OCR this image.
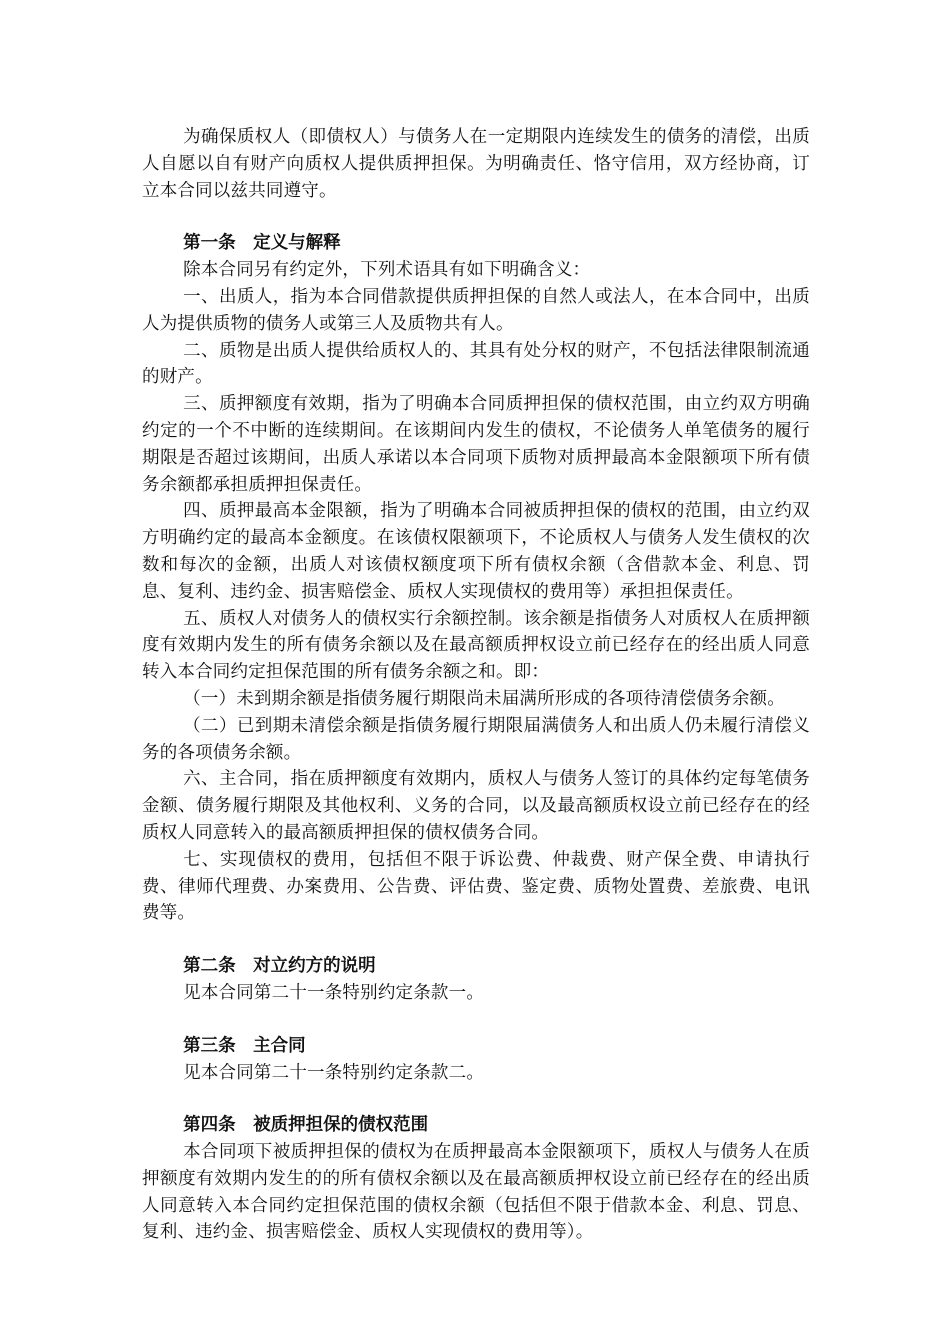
为确保质权人（即债权人）与债务人在一定期限内连续发生的债务的清偿，出质人自愿以自有财产向质权人提供质押担保。为明确责任、恪守信用，双方经协商，订立本合同以兹共同遵守。

第一条 定义与解释

除本合同另有约定外，下列术语具有如下明确含义：

一、出质人，指为本合同借款提供质押担保的自然人或法人，在本合同中，出质人为提供质物的债务人或第三人及质物共有人。

二、质物是出质人提供给质权人的、其具有处分权的财产，不包括法律限制流通的财产。

三、质押额度有效期，指为了明确本合同质押担保的债权范围，由立约双方明确约定的一个不中断的连续期间。在该期间内发生的债权，不论债务人单笔债务的履行期限是否超过该期间，出质人承诺以本合同项下质物对质押最高本金限额项下所有债务余额都承担质押担保责任。

四、质押最高本金限额，指为了明确本合同被质押担保的债权的范围，由立约双方明确约定的最高本金额度。在该债权限额项下，不论质权人与债务人发生债权的次数和每次的金额，出质人对该债权额度项下所有债权余额（含借款本金、利息、罚息、复利、违约金、损害赔偿金、质权人实现债权的费用等）承担担保责任。

五、质权人对债务人的债权实行余额控制。该余额是指债务人对质权人在质押额度有效期内发生的所有债务余额以及在最高额质押权设立前已经存在的经出质人同意转入本合同约定担保范围的所有债务余额之和。即：

（一）未到期余额是指债务履行期限尚未届满所形成的各项待清偿债务余额。

（二）已到期未清偿余额是指债务履行期限届满债务人和出质人仍未履行清偿义务的各项债务余额。

六、主合同，指在质押额度有效期内，质权人与债务人签订的具体约定每笔债务金额、债务履行期限及其他权利、义务的合同，以及最高额质权设立前已经存在的经质权人同意转入的最高额质押担保的债权债务合同。

七、实现债权的费用，包括但不限于诉讼费、仲裁费、财产保全费、申请执行费、律师代理费、办案费用、公告费、评估费、鉴定费、质物处置费、差旅费、电讯费等。

第二条 对立约方的说明

见本合同第二十一条特别约定条款一。

第三条 主合同

见本合同第二十一条特别约定条款二。

第四条 被质押担保的债权范围

本合同项下被质押担保的债权为在质押最高本金限额项下，质权人与债务人在质押额度有效期内发生的的所有债权余额以及在最高额质押权设立前已经存在的经出质人同意转入本合同约定担保范围的债权余额（包括但不限于借款本金、利息、罚息、复利、违约金、损害赔偿金、质权人实现债权的费用等）。
